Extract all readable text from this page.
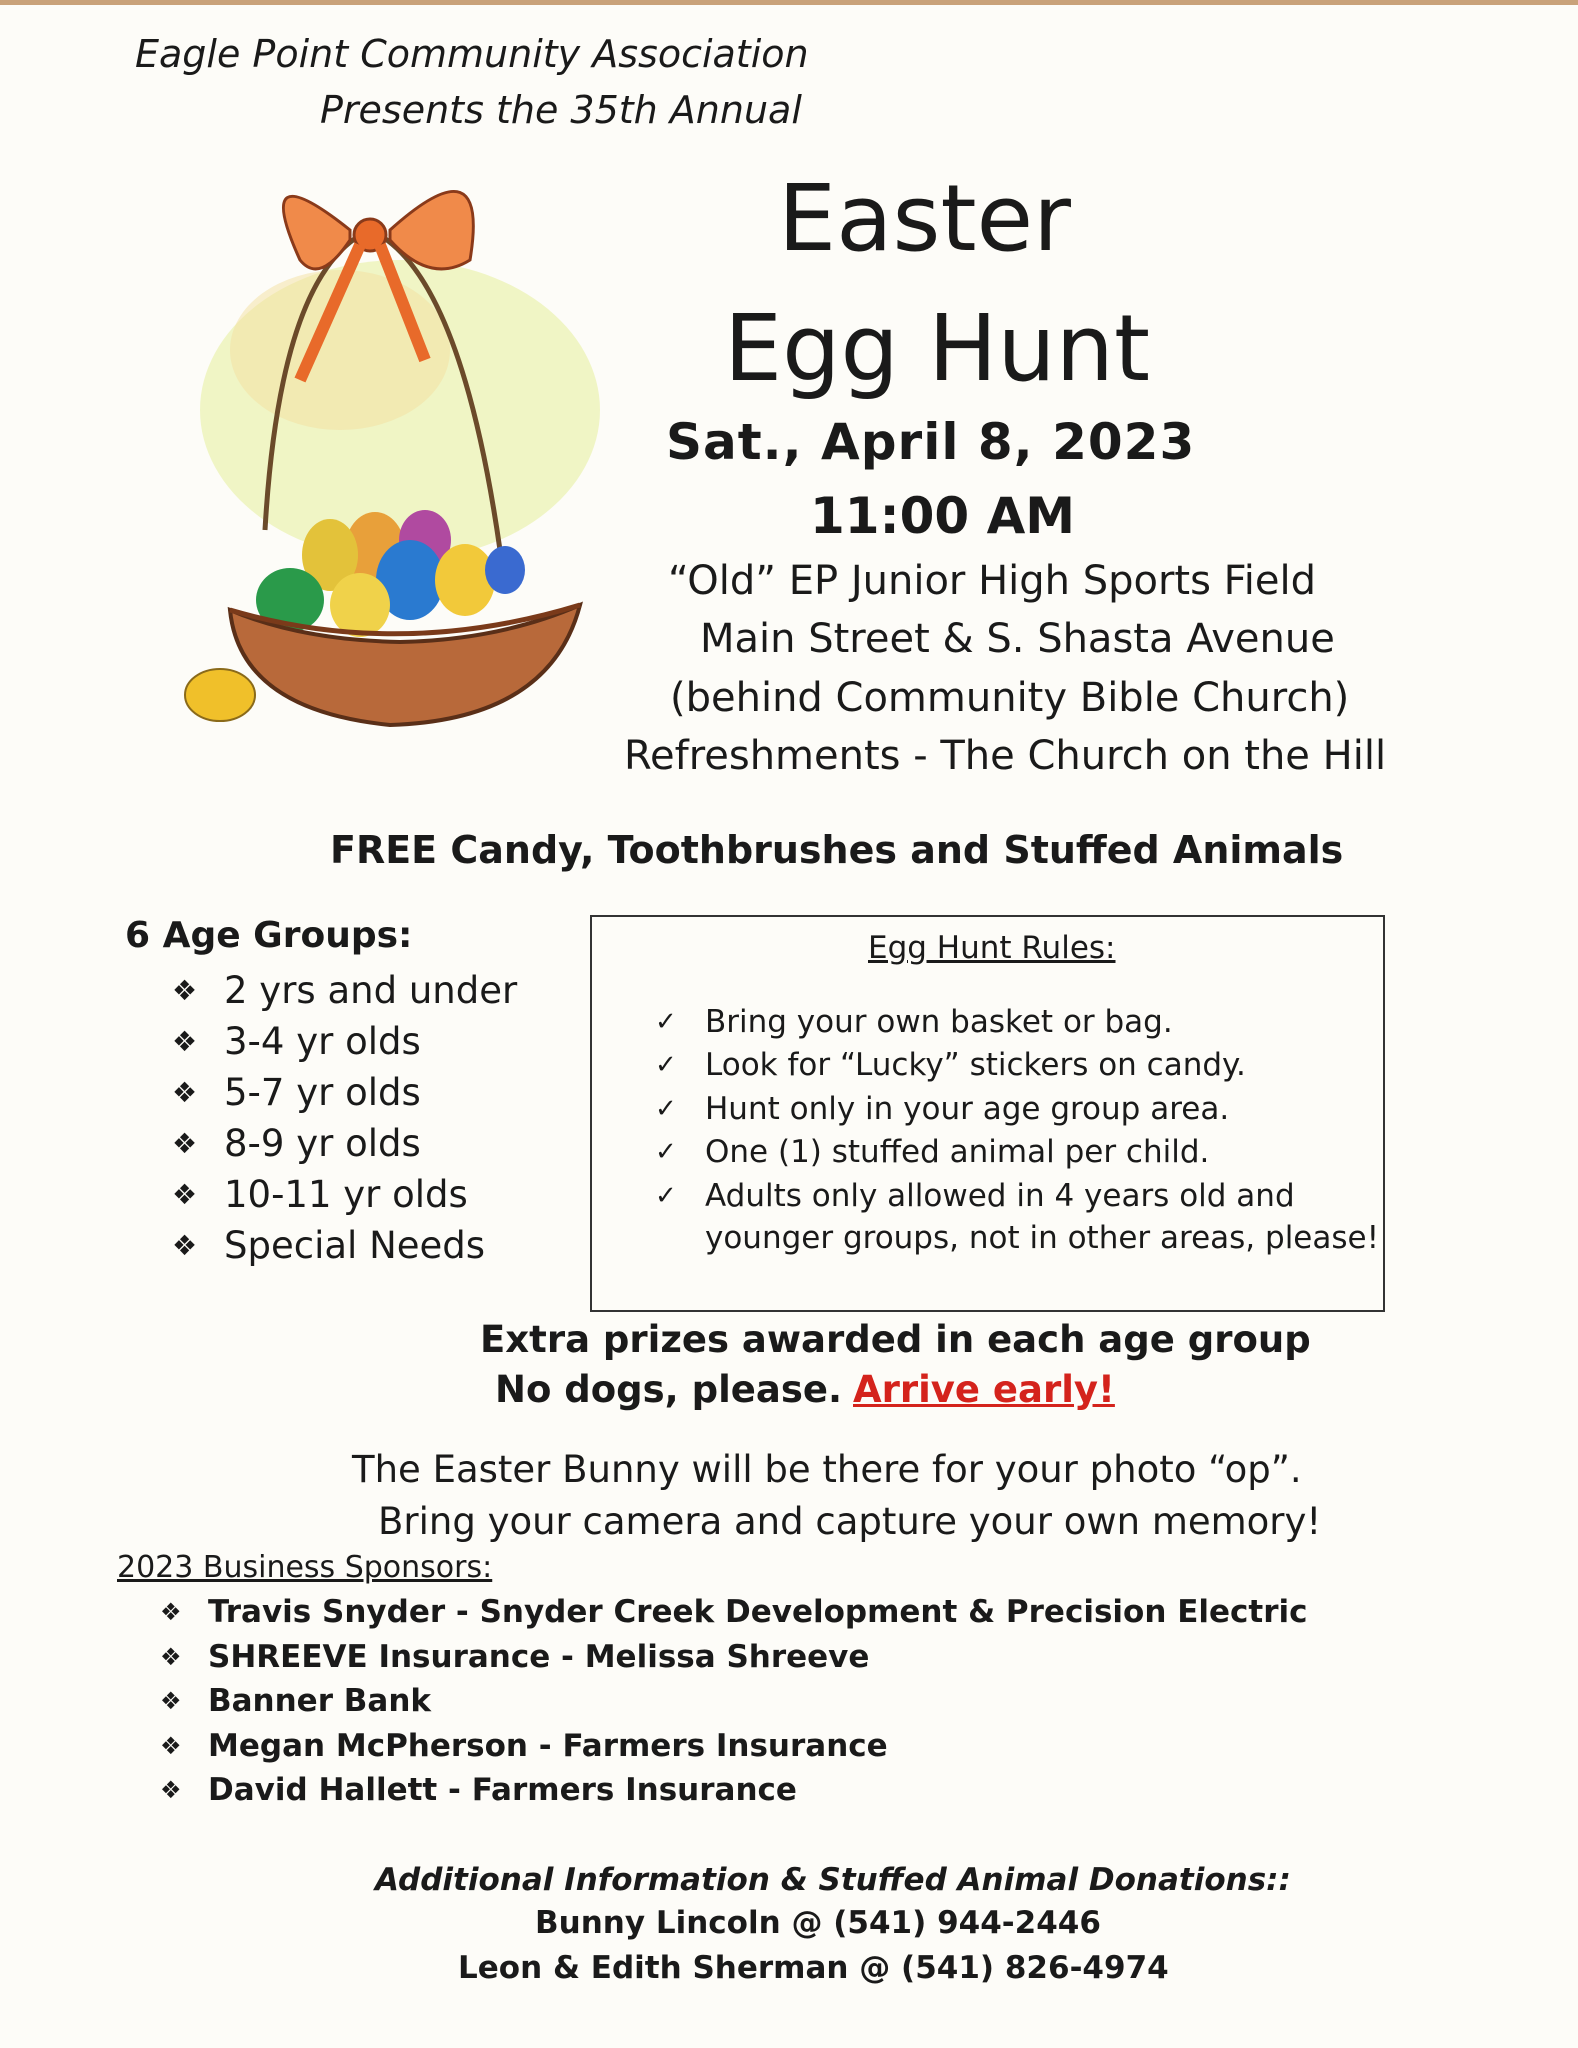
Eagle Point Community Association
Presents the 35th Annual
Easter
Egg Hunt
Sat., April 8, 2023
11:00 AM
“Old” EP Junior High Sports Field
Main Street & S. Shasta Avenue
(behind Community Bible Church)
Refreshments - The Church on the Hill
FREE Candy, Toothbrushes and Stuffed Animals
6 Age Groups:
❖ 2 yrs and under
❖ 3-4 yr olds
❖ 5-7 yr olds
❖ 8-9 yr olds
❖ 10-11 yr olds
❖ Special Needs
Egg Hunt Rules:
✓ Bring your own basket or bag.
✓ Look for “Lucky” stickers on candy.
✓ Hunt only in your age group area.
✓ One (1) stuffed animal per child.
✓ Adults only allowed in 4 years old and
younger groups, not in other areas, please!
Extra prizes awarded in each age group
No dogs, please. Arrive early!
The Easter Bunny will be there for your photo “op”.
Bring your camera and capture your own memory!
2023 Business Sponsors:
❖ Travis Snyder - Snyder Creek Development & Precision Electric
❖ SHREEVE Insurance - Melissa Shreeve
❖ Banner Bank
❖ Megan McPherson - Farmers Insurance
❖ David Hallett - Farmers Insurance
Additional Information & Stuffed Animal Donations::
Bunny Lincoln @ (541) 944-2446
Leon & Edith Sherman @ (541) 826-4974
